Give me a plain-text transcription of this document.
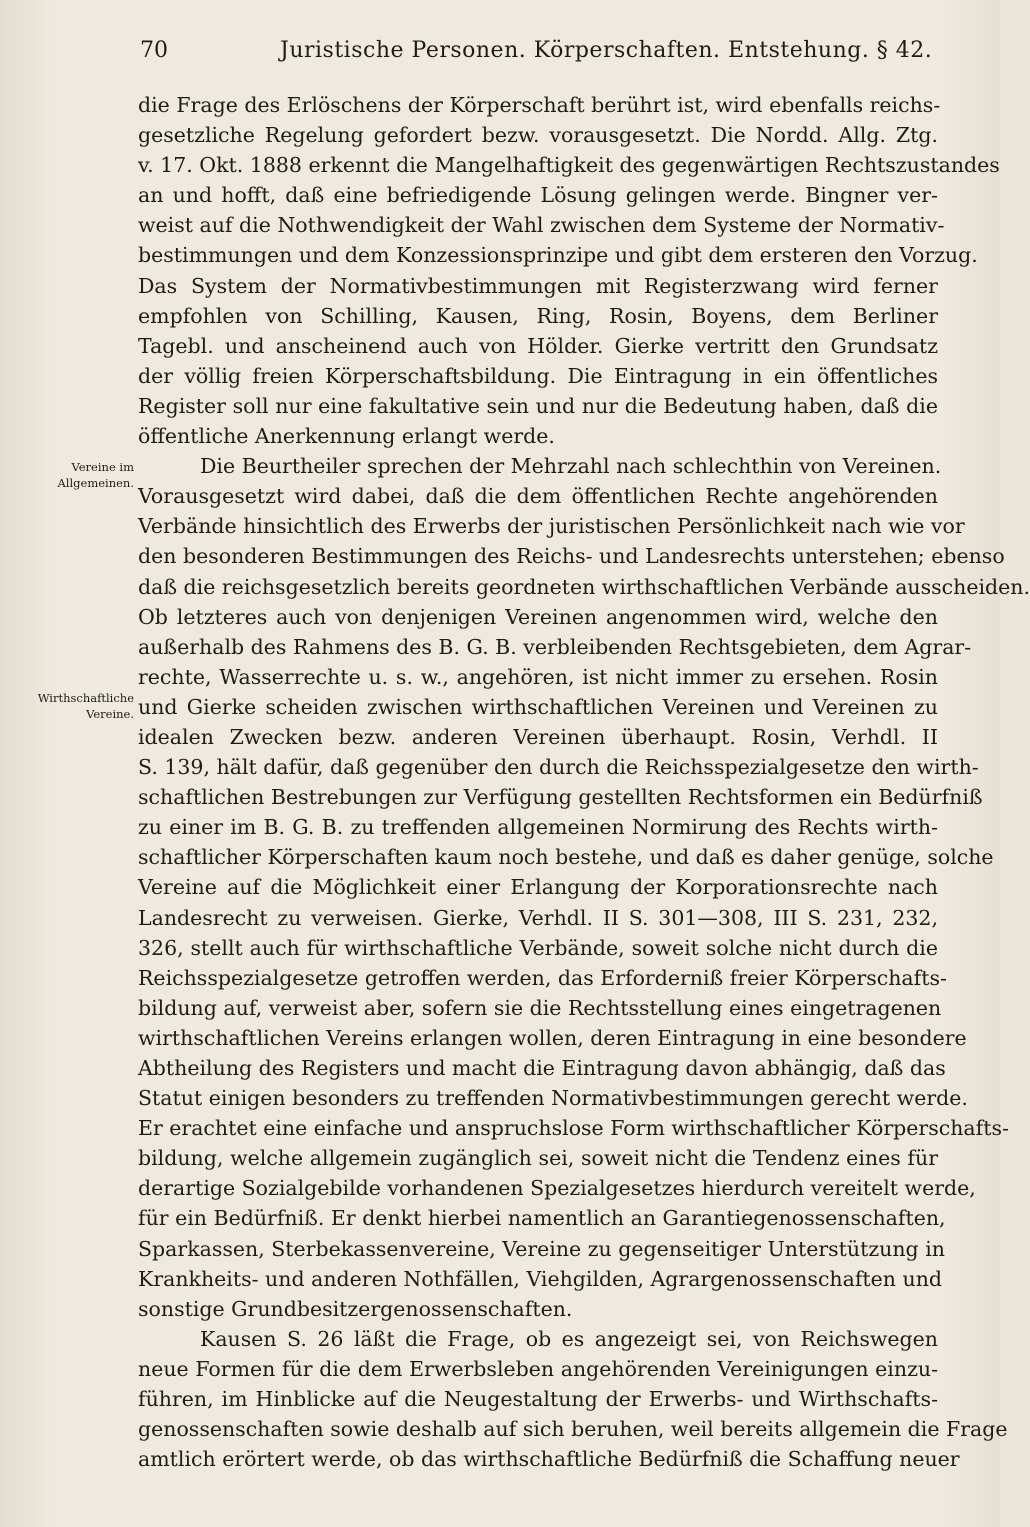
70	Juristische Personen. Körperschaften. Entstehung. § 42.
Vereine im Allgemeinen.
Wirthschaftliche Vereine.
die Frage des Erlöschens der Körperschaft berührt ist, wird ebenfalls reichs-
gesetzliche Regelung gefordert bezw. vorausgesetzt. Die Nordd. Allg. Ztg.
v. 17. Okt. 1888 erkennt die Mangelhaftigkeit des gegenwärtigen Rechtszustandes
an und hofft, daß eine befriedigende Lösung gelingen werde. Bingner ver-
weist auf die Nothwendigkeit der Wahl zwischen dem Systeme der Normativ-
bestimmungen und dem Konzessionsprinzipe und gibt dem ersteren den Vorzug.
Das System der Normativbestimmungen mit Registerzwang wird ferner
empfohlen von Schilling, Kausen, Ring, Rosin, Boyens, dem Berliner
Tagebl. und anscheinend auch von Hölder. Gierke vertritt den Grundsatz
der völlig freien Körperschaftsbildung. Die Eintragung in ein öffentliches
Register soll nur eine fakultative sein und nur die Bedeutung haben, daß die
öffentliche Anerkennung erlangt werde.
Die Beurtheiler sprechen der Mehrzahl nach schlechthin von Vereinen.
Vorausgesetzt wird dabei, daß die dem öffentlichen Rechte angehörenden
Verbände hinsichtlich des Erwerbs der juristischen Persönlichkeit nach wie vor
den besonderen Bestimmungen des Reichs- und Landesrechts unterstehen; ebenso
daß die reichsgesetzlich bereits geordneten wirthschaftlichen Verbände ausscheiden.
Ob letzteres auch von denjenigen Vereinen angenommen wird, welche den
außerhalb des Rahmens des B. G. B. verbleibenden Rechtsgebieten, dem Agrar-
rechte, Wasserrechte u. s. w., angehören, ist nicht immer zu ersehen. Rosin
und Gierke scheiden zwischen wirthschaftlichen Vereinen und Vereinen zu
idealen Zwecken bezw. anderen Vereinen überhaupt. Rosin, Verhdl. II
S. 139, hält dafür, daß gegenüber den durch die Reichsspezialgesetze den wirth-
schaftlichen Bestrebungen zur Verfügung gestellten Rechtsformen ein Bedürfniß
zu einer im B. G. B. zu treffenden allgemeinen Normirung des Rechts wirth-
schaftlicher Körperschaften kaum noch bestehe, und daß es daher genüge, solche
Vereine auf die Möglichkeit einer Erlangung der Korporationsrechte nach
Landesrecht zu verweisen. Gierke, Verhdl. II S. 301—308, III S. 231, 232,
326, stellt auch für wirthschaftliche Verbände, soweit solche nicht durch die
Reichsspezialgesetze getroffen werden, das Erforderniß freier Körperschafts-
bildung auf, verweist aber, sofern sie die Rechtsstellung eines eingetragenen
wirthschaftlichen Vereins erlangen wollen, deren Eintragung in eine besondere
Abtheilung des Registers und macht die Eintragung davon abhängig, daß das
Statut einigen besonders zu treffenden Normativbestimmungen gerecht werde.
Er erachtet eine einfache und anspruchslose Form wirthschaftlicher Körperschafts-
bildung, welche allgemein zugänglich sei, soweit nicht die Tendenz eines für
derartige Sozialgebilde vorhandenen Spezialgesetzes hierdurch vereitelt werde,
für ein Bedürfniß. Er denkt hierbei namentlich an Garantiegenossenschaften,
Sparkassen, Sterbekassenvereine, Vereine zu gegenseitiger Unterstützung in
Krankheits- und anderen Nothfällen, Viehgilden, Agrargenossenschaften und
sonstige Grundbesitzergenossenschaften.
Kausen S. 26 läßt die Frage, ob es angezeigt sei, von Reichswegen
neue Formen für die dem Erwerbsleben angehörenden Vereinigungen einzu-
führen, im Hinblicke auf die Neugestaltung der Erwerbs- und Wirthschafts-
genossenschaften sowie deshalb auf sich beruhen, weil bereits allgemein die Frage
amtlich erörtert werde, ob das wirthschaftliche Bedürfniß die Schaffung neuer
